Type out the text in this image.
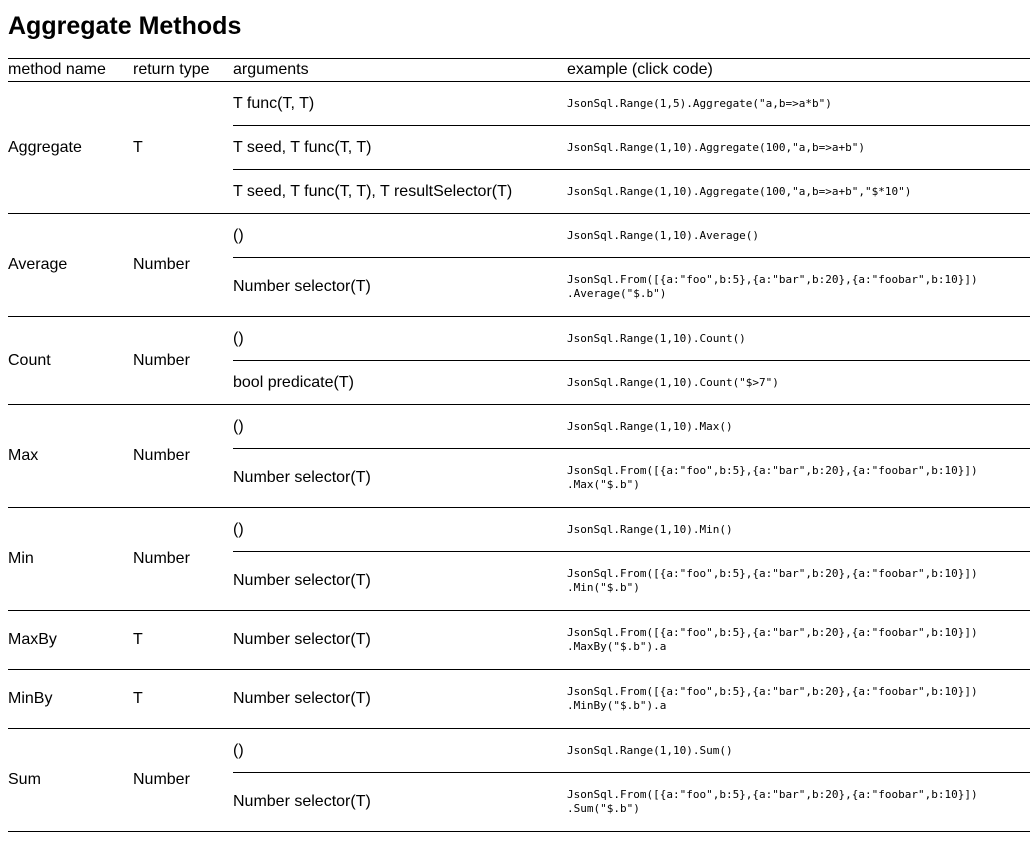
Aggregate Methods
method name	return type	arguments	example (click code)
Aggregate	T	T func(T, T)	JsonSql.Range(1,5).Aggregate("a,b=>a*b")
		T seed, T func(T, T)	JsonSql.Range(1,10).Aggregate(100,"a,b=>a+b")
		T seed, T func(T, T), T resultSelector(T)	JsonSql.Range(1,10).Aggregate(100,"a,b=>a+b","$*10")
Average	Number	()	JsonSql.Range(1,10).Average()
		Number selector(T)	JsonSql.From([{a:"foo",b:5},{a:"bar",b:20},{a:"foobar",b:10}])
.Average("$.b")
Count	Number	()	JsonSql.Range(1,10).Count()
		bool predicate(T)	JsonSql.Range(1,10).Count("$>7")
Max	Number	()	JsonSql.Range(1,10).Max()
		Number selector(T)	JsonSql.From([{a:"foo",b:5},{a:"bar",b:20},{a:"foobar",b:10}])
.Max("$.b")
Min	Number	()	JsonSql.Range(1,10).Min()
		Number selector(T)	JsonSql.From([{a:"foo",b:5},{a:"bar",b:20},{a:"foobar",b:10}])
.Min("$.b")
MaxBy	T	Number selector(T)	JsonSql.From([{a:"foo",b:5},{a:"bar",b:20},{a:"foobar",b:10}])
.MaxBy("$.b").a
MinBy	T	Number selector(T)	JsonSql.From([{a:"foo",b:5},{a:"bar",b:20},{a:"foobar",b:10}])
.MinBy("$.b").a
Sum	Number	()	JsonSql.Range(1,10).Sum()
		Number selector(T)	JsonSql.From([{a:"foo",b:5},{a:"bar",b:20},{a:"foobar",b:10}])
.Sum("$.b")
